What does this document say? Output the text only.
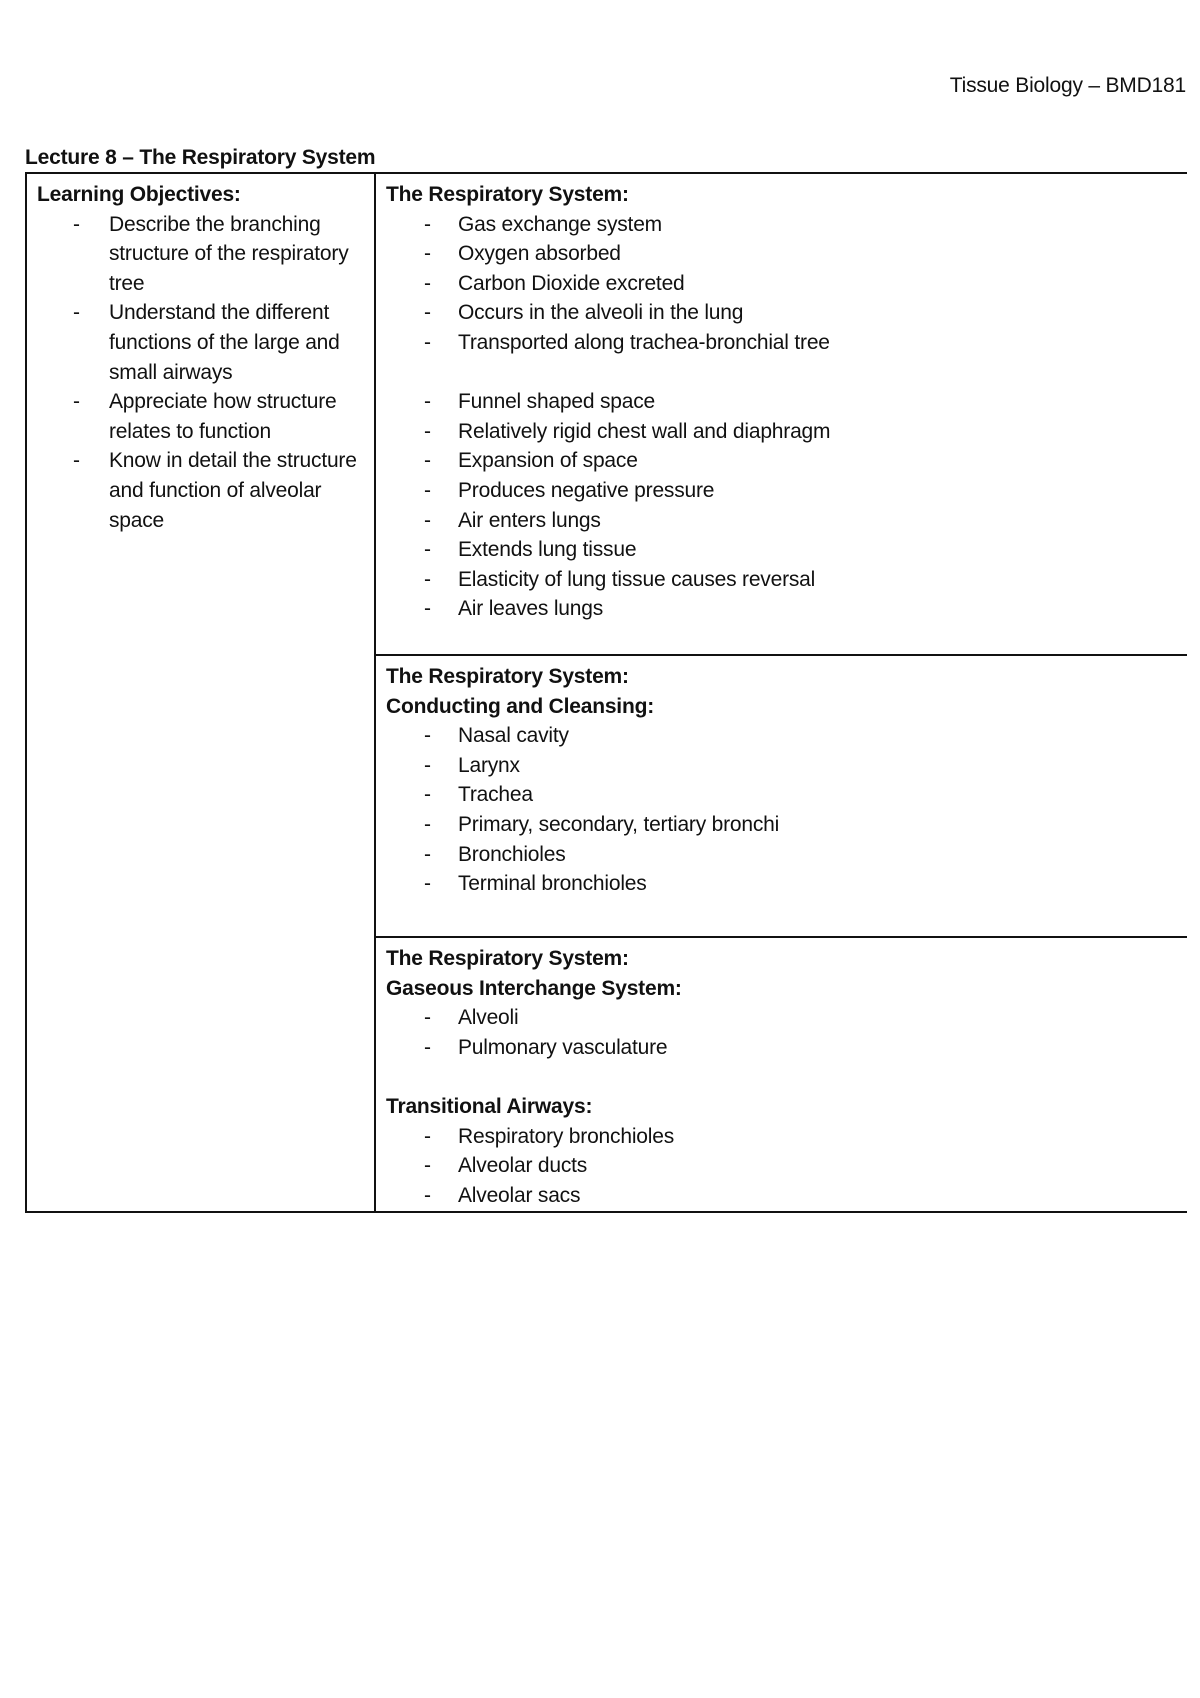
Tissue Biology – BMD181
Lecture 8 – The Respiratory System
Learning Objectives:
- Describe the branching structure of the respiratory tree
- Understand the different functions of the large and small airways
- Appreciate how structure relates to function
- Know in detail the structure and function of alveolar space
The Respiratory System:
- Gas exchange system
- Oxygen absorbed
- Carbon Dioxide excreted
- Occurs in the alveoli in the lung
- Transported along trachea-bronchial tree
- Funnel shaped space
- Relatively rigid chest wall and diaphragm
- Expansion of space
- Produces negative pressure
- Air enters lungs
- Extends lung tissue
- Elasticity of lung tissue causes reversal
- Air leaves lungs
The Respiratory System:
Conducting and Cleansing:
- Nasal cavity
- Larynx
- Trachea
- Primary, secondary, tertiary bronchi
- Bronchioles
- Terminal bronchioles
The Respiratory System:
Gaseous Interchange System:
- Alveoli
- Pulmonary vasculature
Transitional Airways:
- Respiratory bronchioles
- Alveolar ducts
- Alveolar sacs
